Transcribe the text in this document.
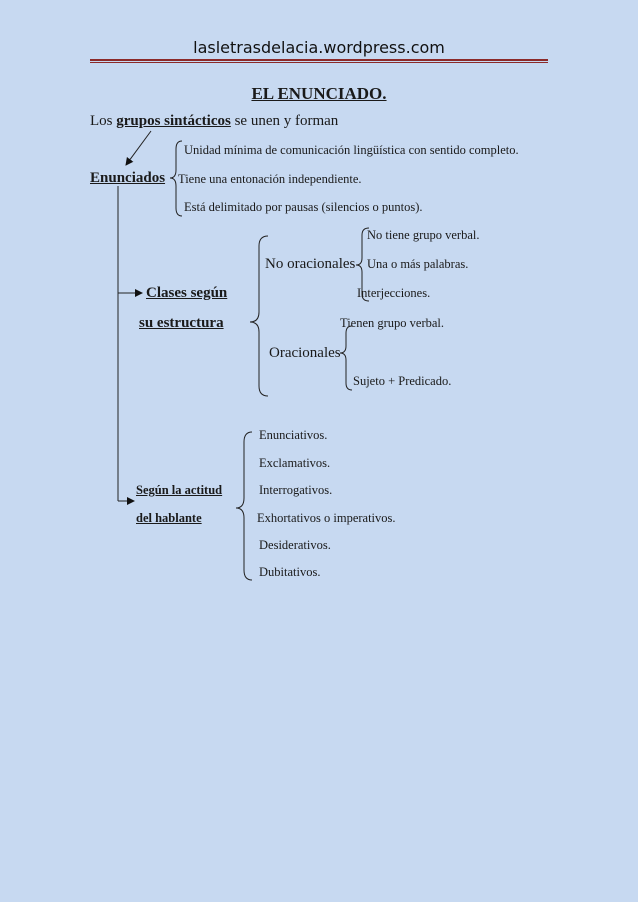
lasletrasdelacia.wordpress.com
EL ENUNCIADO.
Los grupos sintácticos se unen y forman
Enunciados
Unidad mínima de comunicación lingüística con sentido completo.
Tiene una entonación independiente.
Está delimitado por pausas (silencios o puntos).
Clases según
su estructura
No oracionales
No tiene grupo verbal.
Una o más palabras.
Interjecciones.
Oracionales
Tienen grupo verbal.
Sujeto + Predicado.
Según la actitud
del hablante
Enunciativos.
Exclamativos.
Interrogativos.
Exhortativos o imperativos.
Desiderativos.
Dubitativos.
